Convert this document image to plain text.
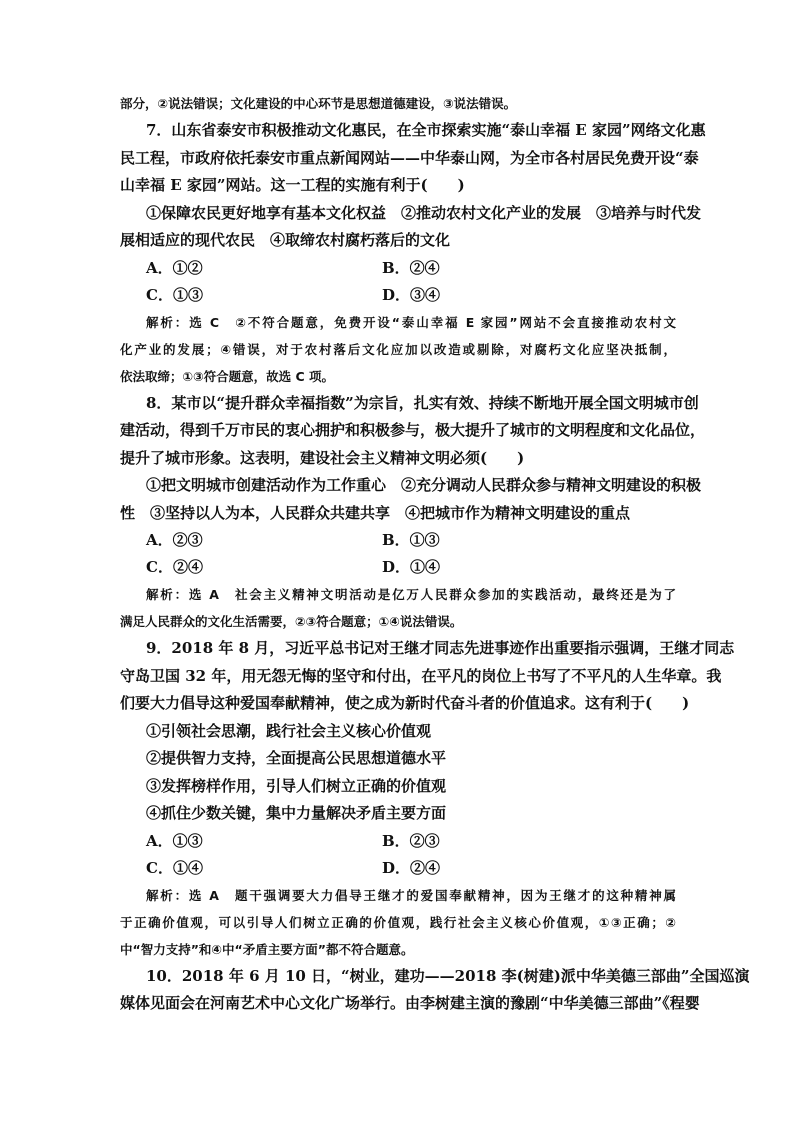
部分，②说法错误；文化建设的中心环节是思想道德建设，③说法错误。
7．山东省泰安市积极推动文化惠民，在全市探索实施“泰山幸福 E 家园”网络文化惠
民工程，市政府依托泰安市重点新闻网站——中华泰山网，为全市各村居民免费开设“泰
山幸福 E 家园”网站。这一工程的实施有利于(　　)
①保障农民更好地享有基本文化权益　②推动农村文化产业的发展　③培养与时代发
展相适应的现代农民　④取缔农村腐朽落后的文化
A．①②	B．②④
C．①③	D．③④
解析：选 C　②不符合题意，免费开设“泰山幸福 E 家园”网站不会直接推动农村文
化产业的发展；④错误，对于农村落后文化应加以改造或剔除，对腐朽文化应坚决抵制，
依法取缔；①③符合题意，故选 C 项。
8．某市以“提升群众幸福指数”为宗旨，扎实有效、持续不断地开展全国文明城市创
建活动，得到千万市民的衷心拥护和积极参与，极大提升了城市的文明程度和文化品位，
提升了城市形象。这表明，建设社会主义精神文明必须(　　)
①把文明城市创建活动作为工作重心　②充分调动人民群众参与精神文明建设的积极
性　③坚持以人为本，人民群众共建共享　④把城市作为精神文明建设的重点
A．②③	B．①③
C．②④	D．①④
解析：选 A　社会主义精神文明活动是亿万人民群众参加的实践活动，最终还是为了
满足人民群众的文化生活需要，②③符合题意；①④说法错误。
9．2018 年 8 月，习近平总书记对王继才同志先进事迹作出重要指示强调，王继才同志
守岛卫国 32 年，用无怨无悔的坚守和付出，在平凡的岗位上书写了不平凡的人生华章。我
们要大力倡导这种爱国奉献精神，使之成为新时代奋斗者的价值追求。这有利于(　　)
①引领社会思潮，践行社会主义核心价值观
②提供智力支持，全面提高公民思想道德水平
③发挥榜样作用，引导人们树立正确的价值观
④抓住少数关键，集中力量解决矛盾主要方面
A．①③	B．②③
C．①④	D．②④
解析：选 A　题干强调要大力倡导王继才的爱国奉献精神，因为王继才的这种精神属
于正确价值观，可以引导人们树立正确的价值观，践行社会主义核心价值观，①③正确；②
中“智力支持”和④中“矛盾主要方面”都不符合题意。
10．2018 年 6 月 10 日，“树业，建功——2018 李(树建)派中华美德三部曲”全国巡演
媒体见面会在河南艺术中心文化广场举行。由李树建主演的豫剧“中华美德三部曲”《程婴
